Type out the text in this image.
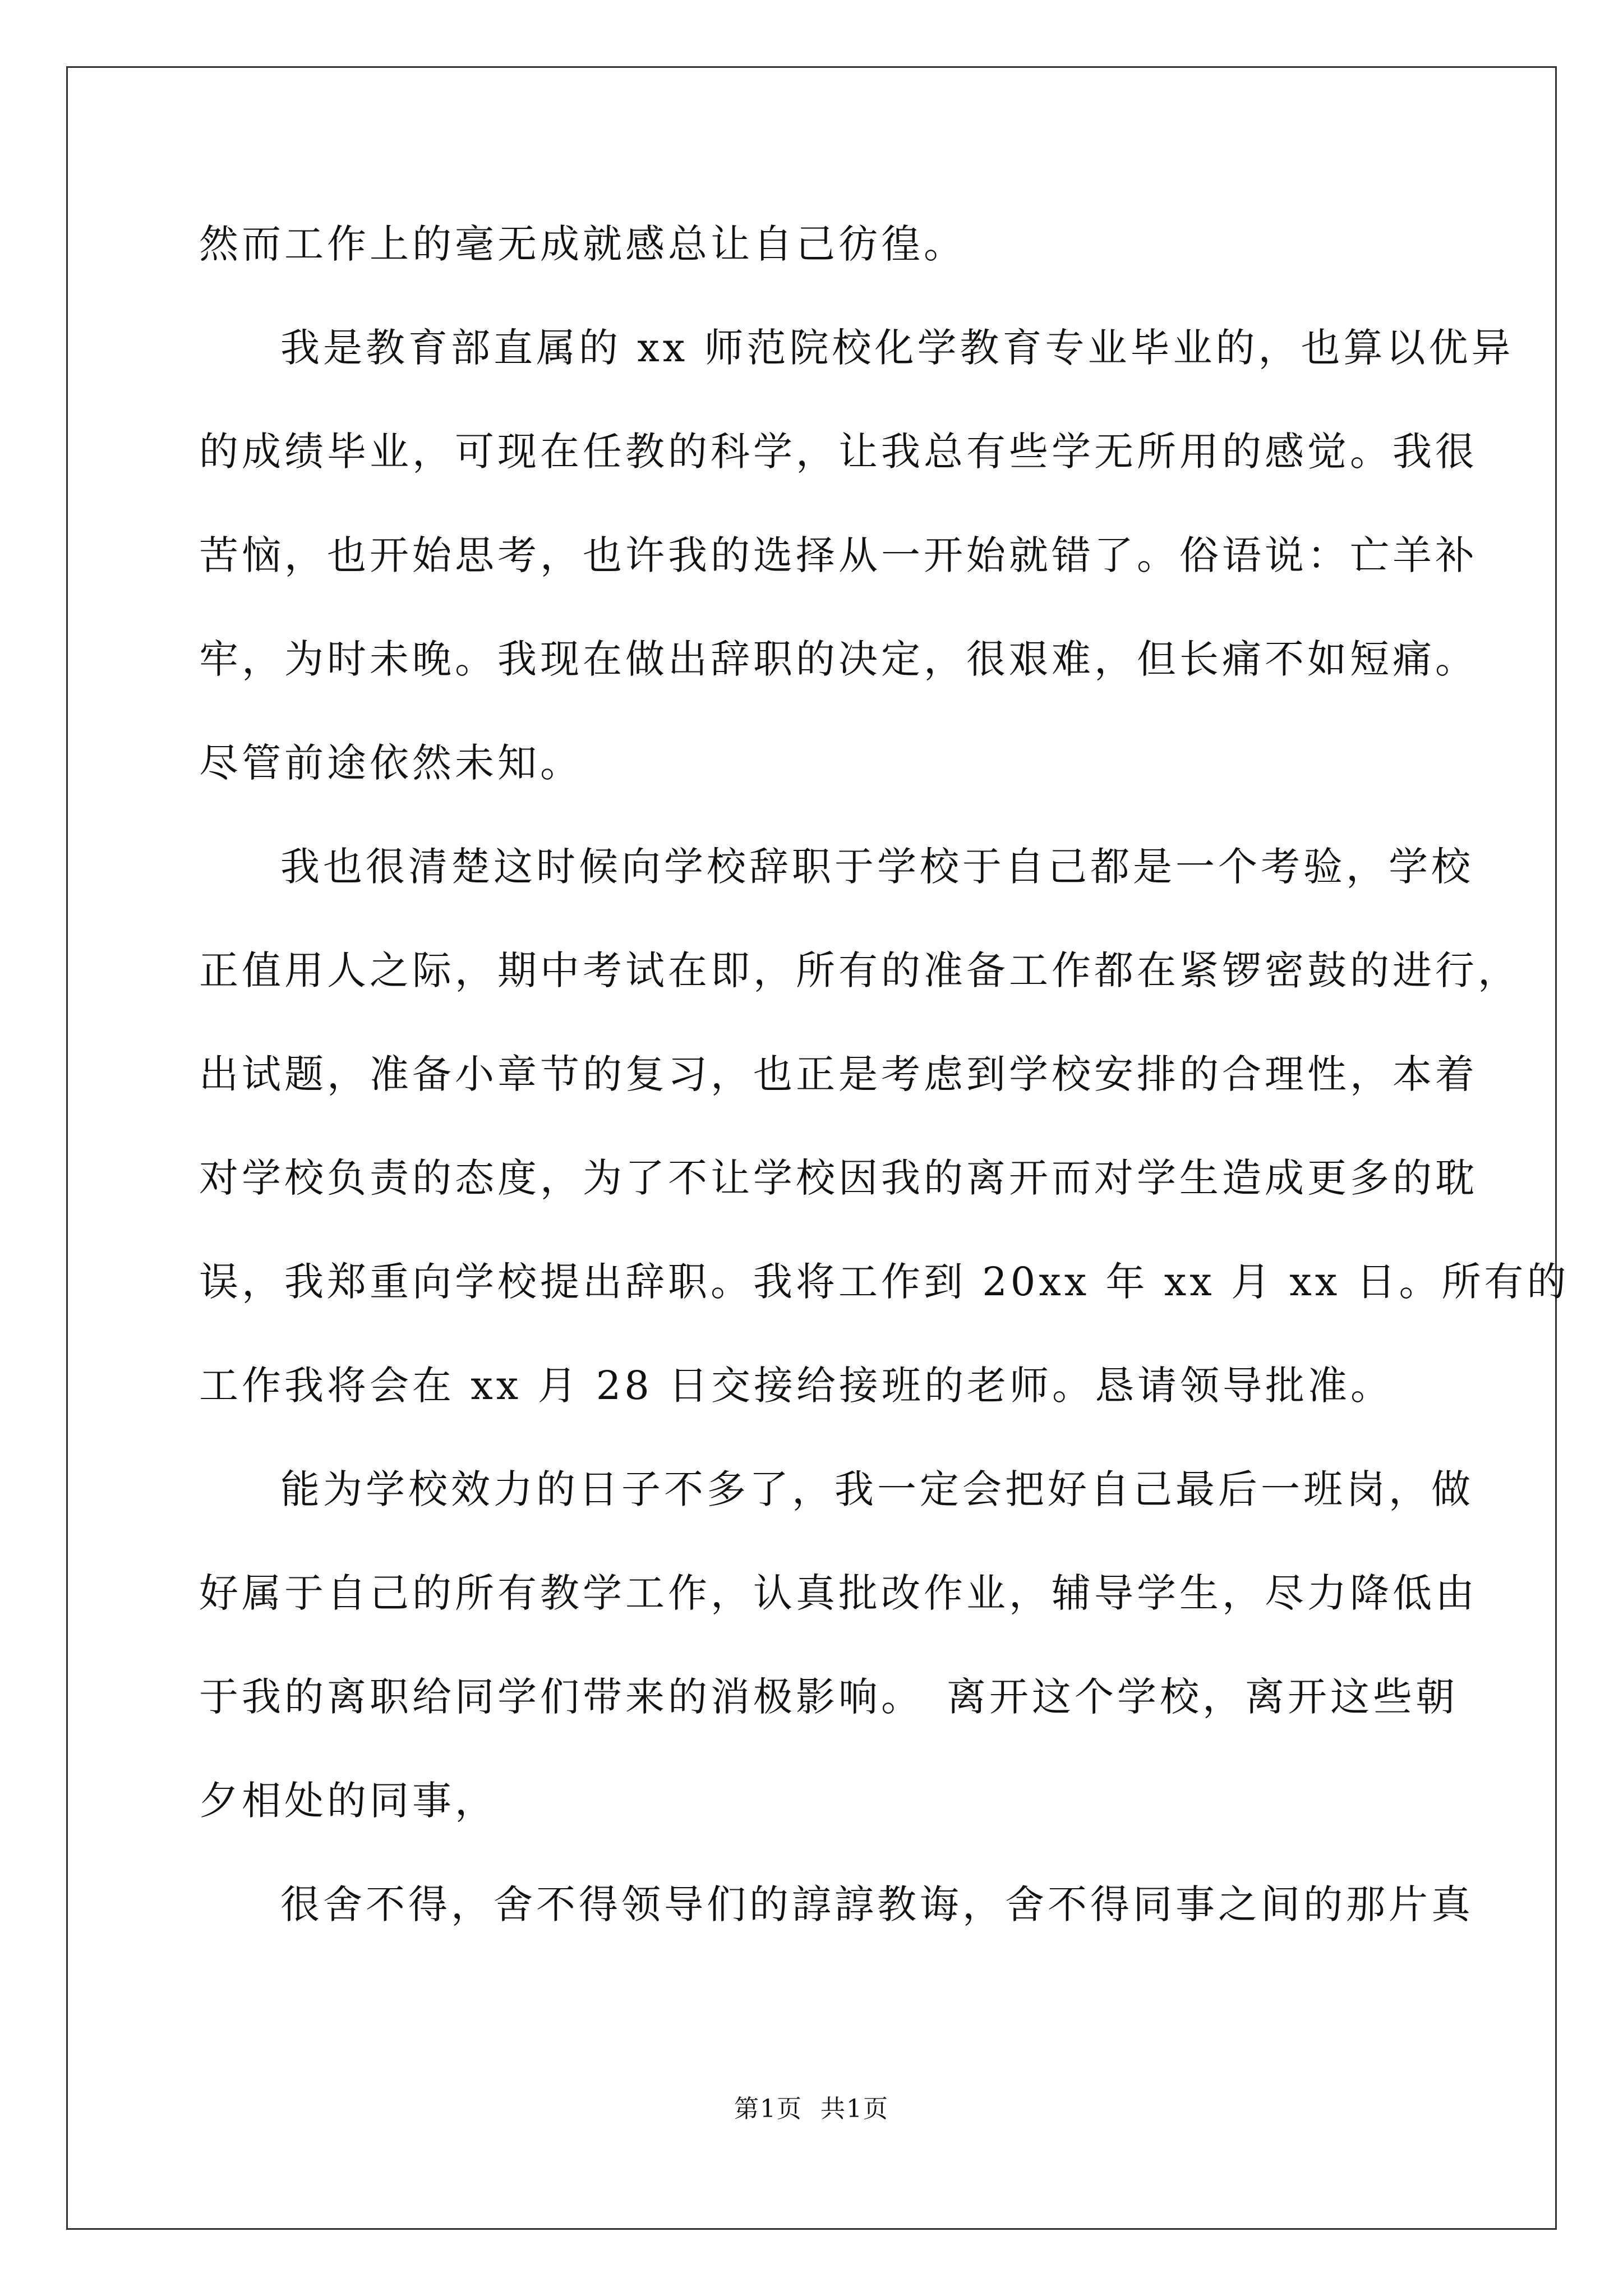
然而工作上的毫无成就感总让自己彷徨。
我是教育部直属的 xx 师范院校化学教育专业毕业的，也算以优异
的成绩毕业，可现在任教的科学，让我总有些学无所用的感觉。我很
苦恼，也开始思考，也许我的选择从一开始就错了。俗语说：亡羊补
牢，为时未晚。我现在做出辞职的决定，很艰难，但长痛不如短痛。
尽管前途依然未知。
我也很清楚这时候向学校辞职于学校于自己都是一个考验，学校
正值用人之际，期中考试在即，所有的准备工作都在紧锣密鼓的进行，
出试题，准备小章节的复习，也正是考虑到学校安排的合理性，本着
对学校负责的态度，为了不让学校因我的离开而对学生造成更多的耽
误，我郑重向学校提出辞职。我将工作到 20xx 年 xx 月 xx 日。所有的
工作我将会在 xx 月 28 日交接给接班的老师。恳请领导批准。
能为学校效力的日子不多了，我一定会把好自己最后一班岗，做
好属于自己的所有教学工作，认真批改作业，辅导学生，尽力降低由
于我的离职给同学们带来的消极影响。　离开这个学校，离开这些朝
夕相处的同事，
很舍不得，舍不得领导们的諄諄教诲，舍不得同事之间的那片真
第1页 共1页
